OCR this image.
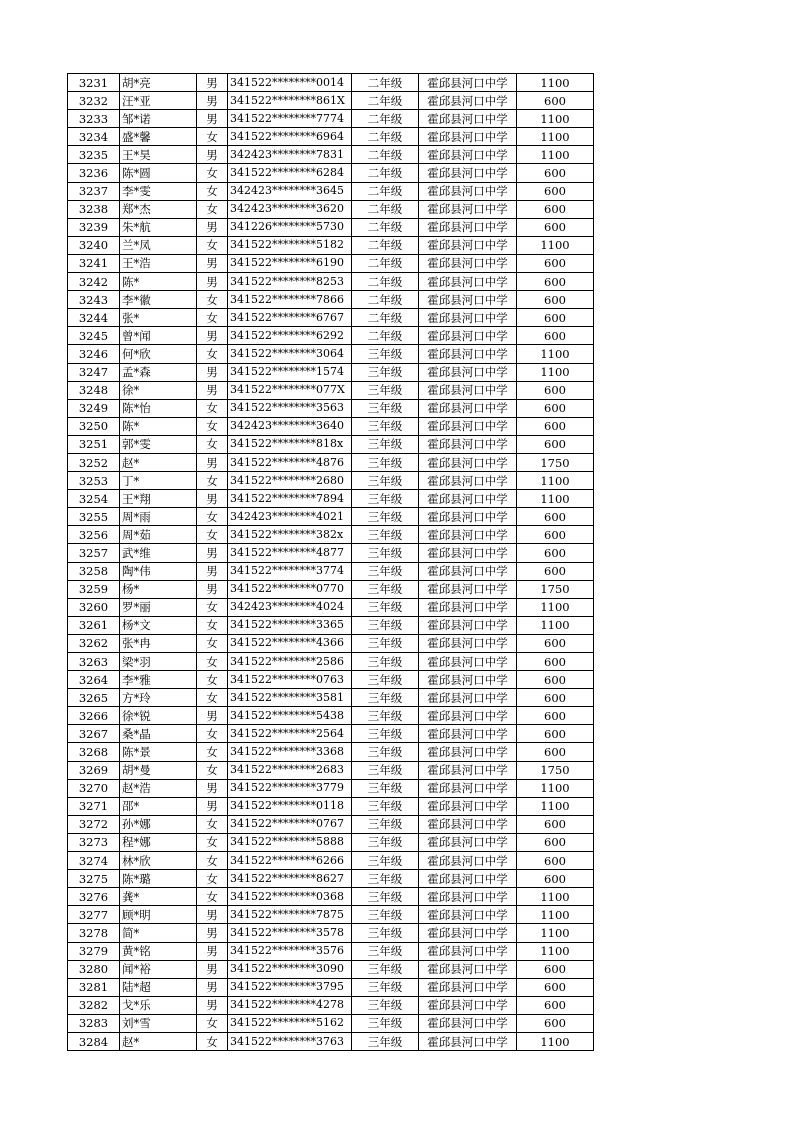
3231	胡*亮	男	341522********0014	二年级	霍邱县河口中学	1100
3232	汪*亚	男	341522********861X	二年级	霍邱县河口中学	600
3233	邹*诺	男	341522********7774	二年级	霍邱县河口中学	1100
3234	盛*馨	女	341522********6964	二年级	霍邱县河口中学	1100
3235	王*昊	男	342423********7831	二年级	霍邱县河口中学	1100
3236	陈*圆	女	341522********6284	二年级	霍邱县河口中学	600
3237	李*雯	女	342423********3645	二年级	霍邱县河口中学	600
3238	郑*杰	女	342423********3620	二年级	霍邱县河口中学	600
3239	朱*航	男	341226********5730	二年级	霍邱县河口中学	600
3240	兰*凤	女	341522********5182	二年级	霍邱县河口中学	1100
3241	王*浩	男	341522********6190	二年级	霍邱县河口中学	600
3242	陈*	男	341522********8253	二年级	霍邱县河口中学	600
3243	李*徽	女	341522********7866	二年级	霍邱县河口中学	600
3244	张*	女	341522********6767	二年级	霍邱县河口中学	600
3245	曾*闻	男	341522********6292	二年级	霍邱县河口中学	600
3246	何*欣	女	341522********3064	三年级	霍邱县河口中学	1100
3247	孟*森	男	341522********1574	三年级	霍邱县河口中学	1100
3248	徐*	男	341522********077X	三年级	霍邱县河口中学	600
3249	陈*怡	女	341522********3563	三年级	霍邱县河口中学	600
3250	陈*	女	342423********3640	三年级	霍邱县河口中学	600
3251	郭*雯	女	341522********818x	三年级	霍邱县河口中学	600
3252	赵*	男	341522********4876	三年级	霍邱县河口中学	1750
3253	丁*	女	341522********2680	三年级	霍邱县河口中学	1100
3254	王*翔	男	341522********7894	三年级	霍邱县河口中学	1100
3255	周*雨	女	342423********4021	三年级	霍邱县河口中学	600
3256	周*茹	女	341522********382x	三年级	霍邱县河口中学	600
3257	武*维	男	341522********4877	三年级	霍邱县河口中学	600
3258	陶*伟	男	341522********3774	三年级	霍邱县河口中学	600
3259	杨*	男	341522********0770	三年级	霍邱县河口中学	1750
3260	罗*丽	女	342423********4024	三年级	霍邱县河口中学	1100
3261	杨*文	女	341522********3365	三年级	霍邱县河口中学	1100
3262	张*冉	女	341522********4366	三年级	霍邱县河口中学	600
3263	梁*羽	女	341522********2586	三年级	霍邱县河口中学	600
3264	李*雅	女	341522********0763	三年级	霍邱县河口中学	600
3265	方*玲	女	341522********3581	三年级	霍邱县河口中学	600
3266	徐*锐	男	341522********5438	三年级	霍邱县河口中学	600
3267	桑*晶	女	341522********2564	三年级	霍邱县河口中学	600
3268	陈*景	女	341522********3368	三年级	霍邱县河口中学	600
3269	胡*曼	女	341522********2683	三年级	霍邱县河口中学	1750
3270	赵*浩	男	341522********3779	三年级	霍邱县河口中学	1100
3271	邵*	男	341522********0118	三年级	霍邱县河口中学	1100
3272	孙*娜	女	341522********0767	三年级	霍邱县河口中学	600
3273	程*娜	女	341522********5888	三年级	霍邱县河口中学	600
3274	林*欣	女	341522********6266	三年级	霍邱县河口中学	600
3275	陈*璐	女	341522********8627	三年级	霍邱县河口中学	600
3276	龚*	女	341522********0368	三年级	霍邱县河口中学	1100
3277	顾*明	男	341522********7875	三年级	霍邱县河口中学	1100
3278	简*	男	341522********3578	三年级	霍邱县河口中学	1100
3279	黄*铭	男	341522********3576	三年级	霍邱县河口中学	1100
3280	闻*裕	男	341522********3090	三年级	霍邱县河口中学	600
3281	陆*超	男	341522********3795	三年级	霍邱县河口中学	600
3282	戈*乐	男	341522********4278	三年级	霍邱县河口中学	600
3283	刘*雪	女	341522********5162	三年级	霍邱县河口中学	600
3284	赵*	女	341522********3763	三年级	霍邱县河口中学	1100
